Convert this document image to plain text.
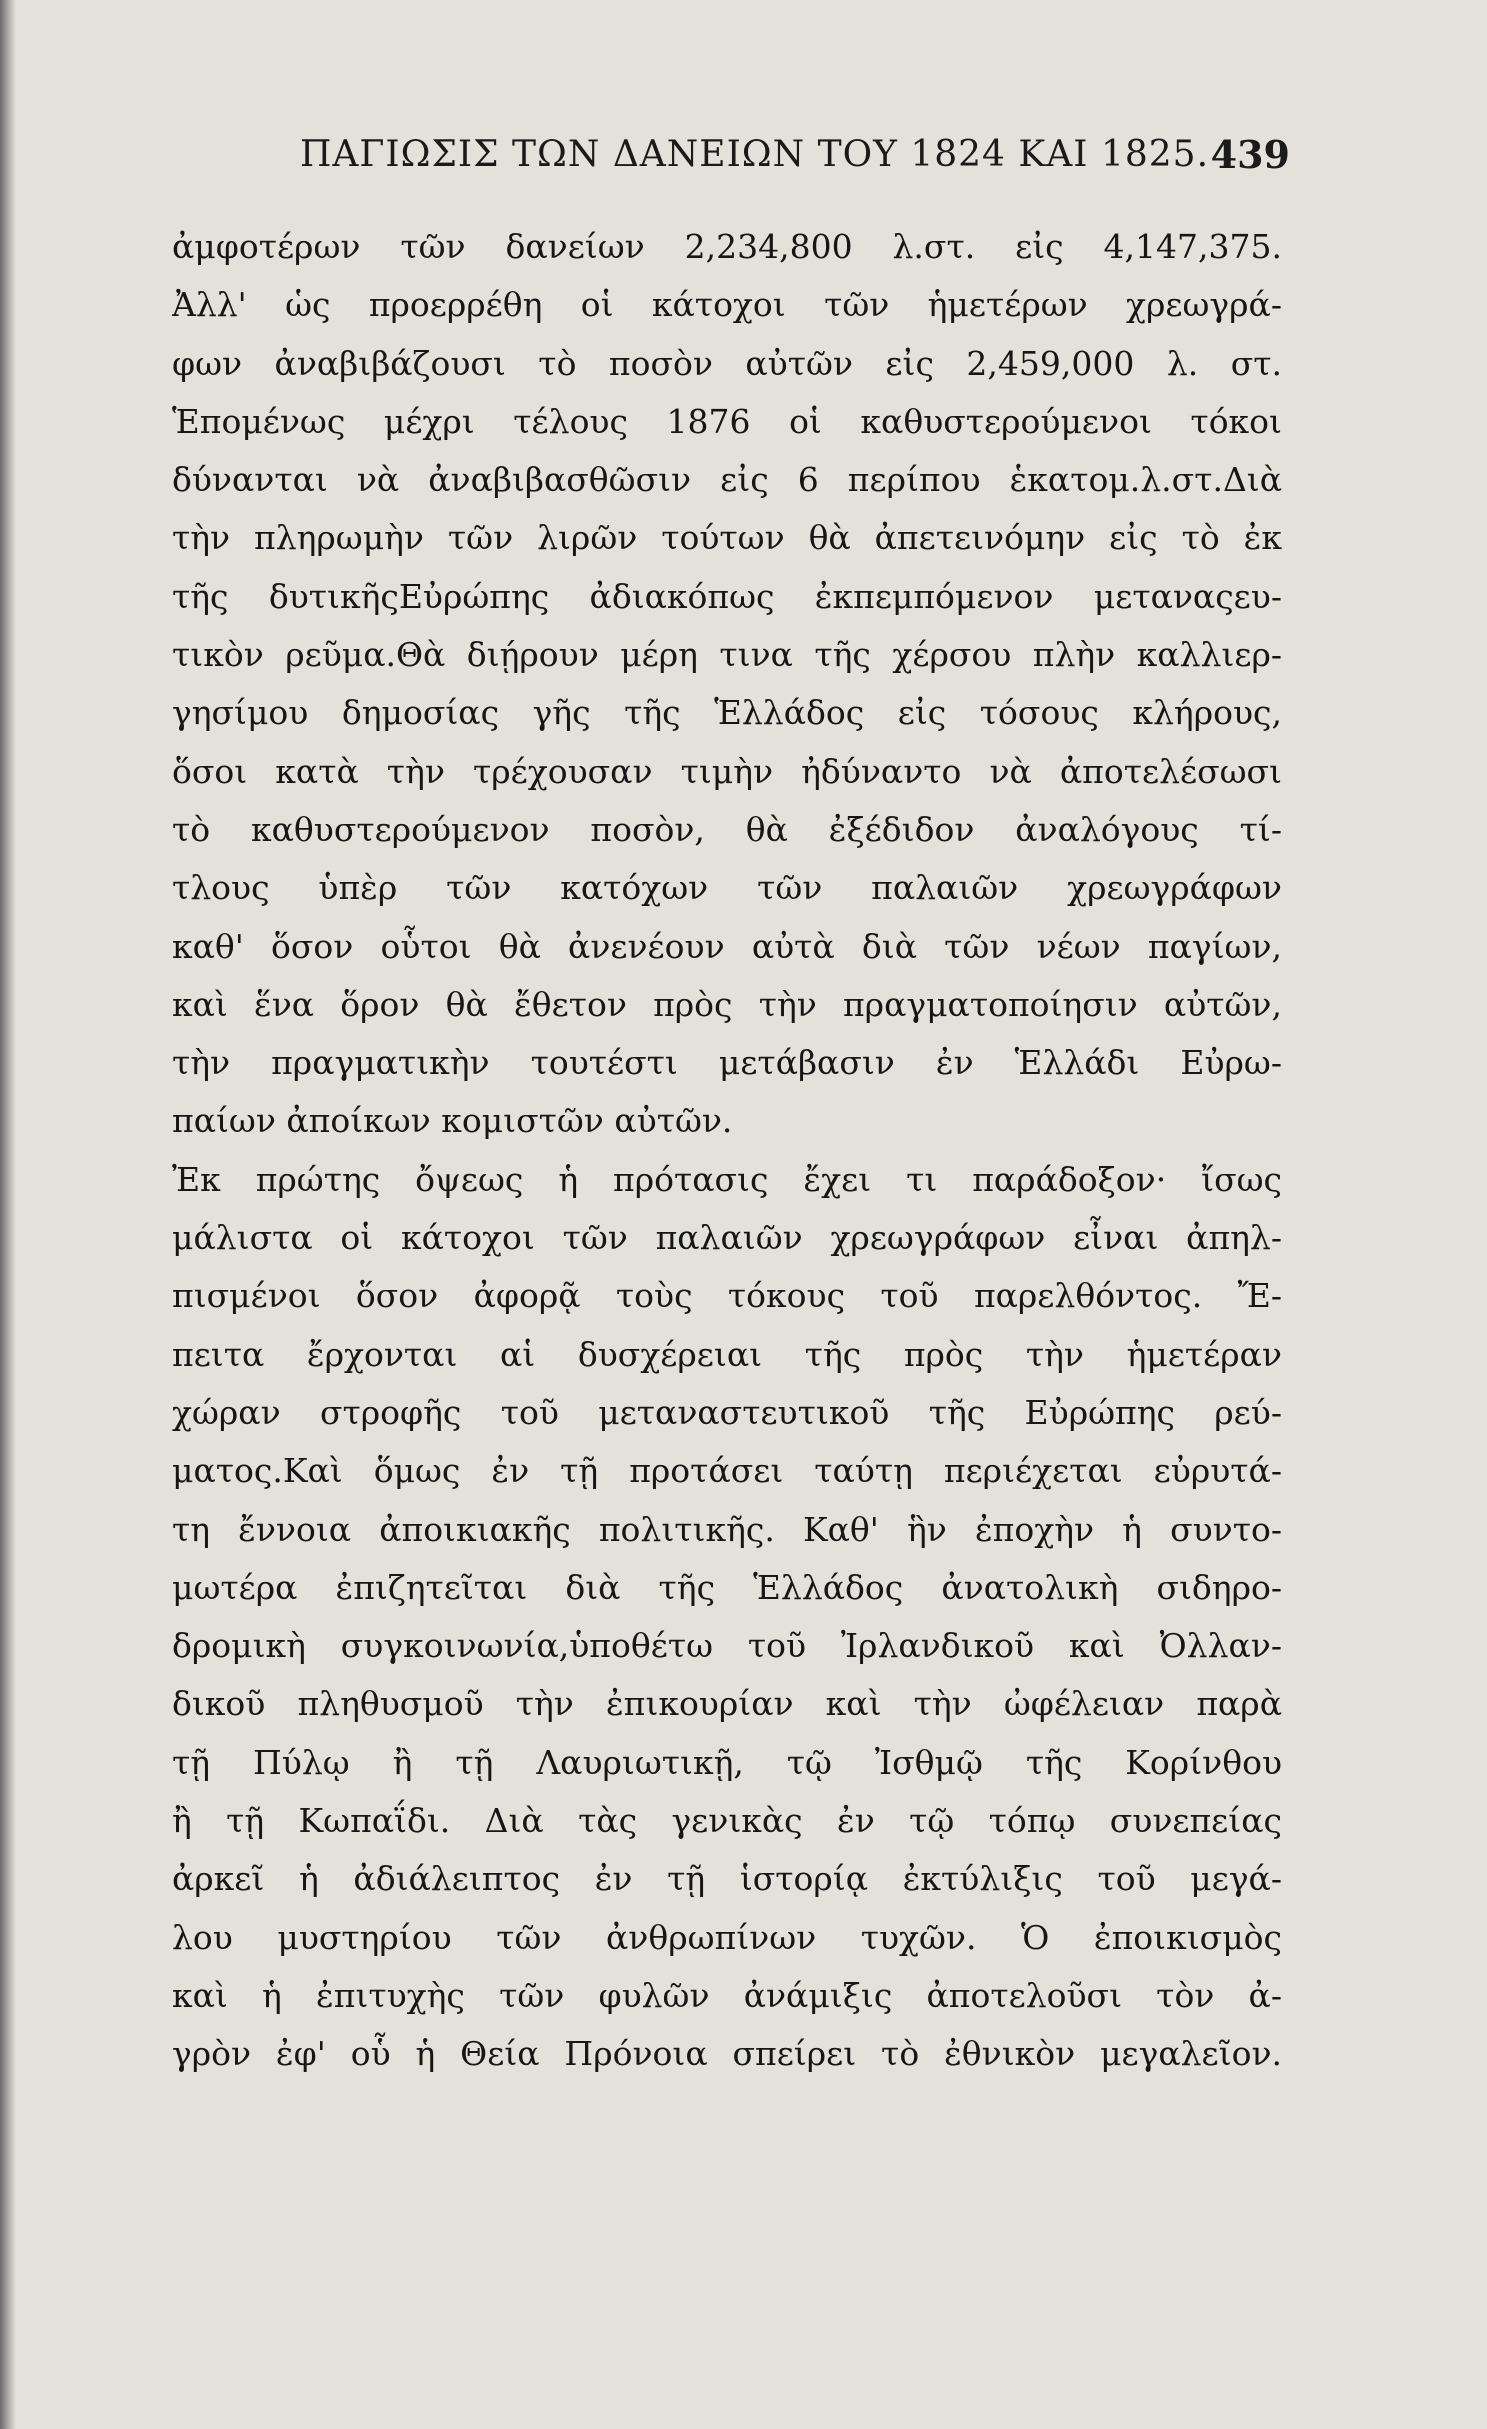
ΠΑΓΙΩΣΙΣ ΤΩΝ ΔΑΝΕΙΩΝ ΤΟΥ 1824 ΚΑΙ 1825. 439
ἀμφοτέρων τῶν δανείων 2,234,800 λ.στ. εἰς 4,147,375.
Ἀλλ' ὡς προερρέθη οἱ κάτοχοι τῶν ἡμετέρων χρεωγρά-
φων ἀναβιβάζουσι τὸ ποσὸν αὐτῶν εἰς 2,459,000 λ. στ.
Ἑπομένως μέχρι τέλους 1876 οἱ καθυστερούμενοι τόκοι
δύνανται νὰ ἀναβιβασθῶσιν εἰς 6 περίπου ἑκατομ.λ.στ.Διὰ
τὴν πληρωμὴν τῶν λιρῶν τούτων θὰ ἀπετεινόμην εἰς τὸ ἐκ
τῆς δυτικῆςΕὐρώπης ἀδιακόπως ἐκπεμπόμενον μεταναςευ-
τικὸν ρεῦμα.Θὰ διῄρουν μέρη τινα τῆς χέρσου πλὴν καλλιερ-
γησίμου δημοσίας γῆς τῆς Ἑλλάδος εἰς τόσους κλήρους,
ὅσοι κατὰ τὴν τρέχουσαν τιμὴν ἠδύναντο νὰ ἀποτελέσωσι
τὸ καθυστερούμενον ποσὸν, θὰ ἐξέδιδον ἀναλόγους τί-
τλους ὑπὲρ τῶν κατόχων τῶν παλαιῶν χρεωγράφων
καθ' ὅσον οὗτοι θὰ ἀνενέουν αὐτὰ διὰ τῶν νέων παγίων,
καὶ ἕνα ὅρον θὰ ἔθετον πρὸς τὴν πραγματοποίησιν αὐτῶν,
τὴν πραγματικὴν τουτέστι μετάβασιν ἐν Ἑλλάδι Εὐρω-
παίων ἀποίκων κομιστῶν αὐτῶν.
Ἐκ πρώτης ὄψεως ἡ πρότασις ἔχει τι παράδοξον· ἴσως
μάλιστα οἱ κάτοχοι τῶν παλαιῶν χρεωγράφων εἶναι ἀπηλ-
πισμένοι ὅσον ἀφορᾷ τοὺς τόκους τοῦ παρελθόντος. Ἔ-
πειτα ἔρχονται αἱ δυσχέρειαι τῆς πρὸς τὴν ἡμετέραν
χώραν στροφῆς τοῦ μεταναστευτικοῦ τῆς Εὐρώπης ρεύ-
ματος.Καὶ ὅμως ἐν τῇ προτάσει ταύτῃ περιέχεται εὐρυτά-
τη ἔννοια ἀποικιακῆς πολιτικῆς. Καθ' ἣν ἐποχὴν ἡ συντο-
μωτέρα ἐπιζητεῖται διὰ τῆς Ἑλλάδος ἀνατολικὴ σιδηρο-
δρομικὴ συγκοινωνία,ὑποθέτω τοῦ Ἰρλανδικοῦ καὶ Ὀλλαν-
δικοῦ πληθυσμοῦ τὴν ἐπικουρίαν καὶ τὴν ὠφέλειαν παρὰ
τῇ Πύλῳ ἢ τῇ Λαυριωτικῇ, τῷ Ἰσθμῷ τῆς Κορίνθου
ἢ τῇ Κωπαΐδι. Διὰ τὰς γενικὰς ἐν τῷ τόπῳ συνεπείας
ἀρκεῖ ἡ ἀδιάλειπτος ἐν τῇ ἱστορίᾳ ἐκτύλιξις τοῦ μεγά-
λου μυστηρίου τῶν ἀνθρωπίνων τυχῶν. Ὁ ἐποικισμὸς
καὶ ἡ ἐπιτυχὴς τῶν φυλῶν ἀνάμιξις ἀποτελοῦσι τὸν ἀ-
γρὸν ἐφ' οὗ ἡ Θεία Πρόνοια σπείρει τὸ ἐθνικὸν μεγαλεῖον.
